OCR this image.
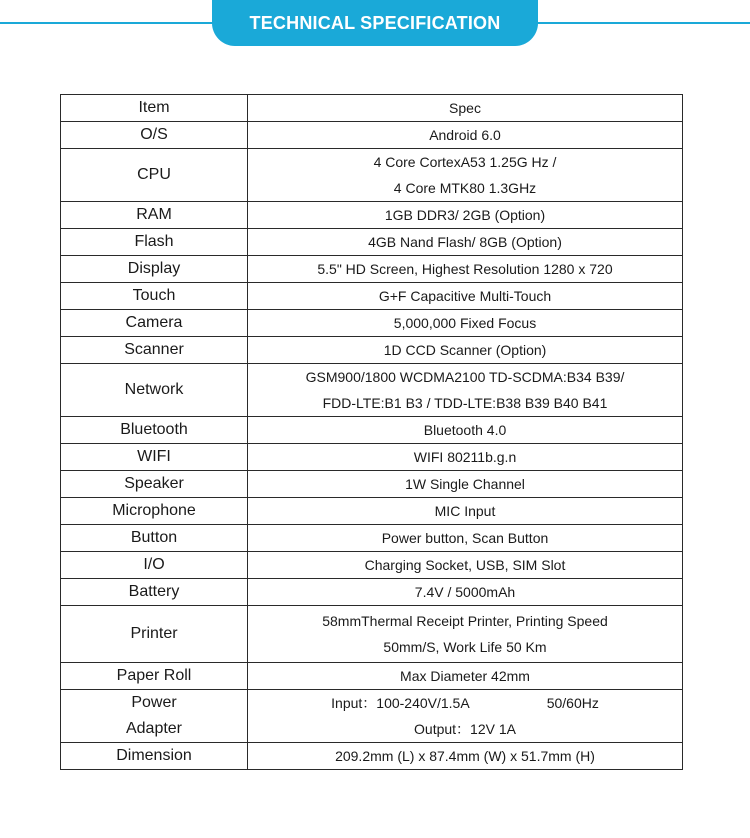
TECHNICAL SPECIFICATION
Item	Spec

O/S	Android 6.0

CPU	4 Core CortexA53 1.25G Hz /
4 Core MTK80 1.3GHz

RAM	1GB DDR3/ 2GB (Option)

Flash	4GB Nand Flash/ 8GB (Option)

Display	5.5" HD Screen, Highest Resolution 1280 x 720

Touch	G+F Capacitive Multi-Touch

Camera	5,000,000 Fixed Focus

Scanner	1D CCD Scanner (Option)

Network	GSM900/1800 WCDMA2100 TD-SCDMA:B34 B39/
FDD-LTE:B1 B3 / TDD-LTE:B38 B39 B40 B41

Bluetooth	Bluetooth 4.0

WIFI	WIFI 80211b.g.n

Speaker	1W Single Channel

Microphone	MIC Input

Button	Power button, Scan Button

I/O	Charging Socket, USB, SIM Slot

Battery	7.4V / 5000mAh

Printer	58mmThermal Receipt Printer, Printing Speed
50mm/S, Work Life 50 Km

Paper Roll	Max Diameter 42mm

Power
Adapter	Input：100-240V/1.5A                    50/60Hz
Output：12V 1A

Dimension	209.2mm (L) x 87.4mm (W) x 51.7mm (H)
